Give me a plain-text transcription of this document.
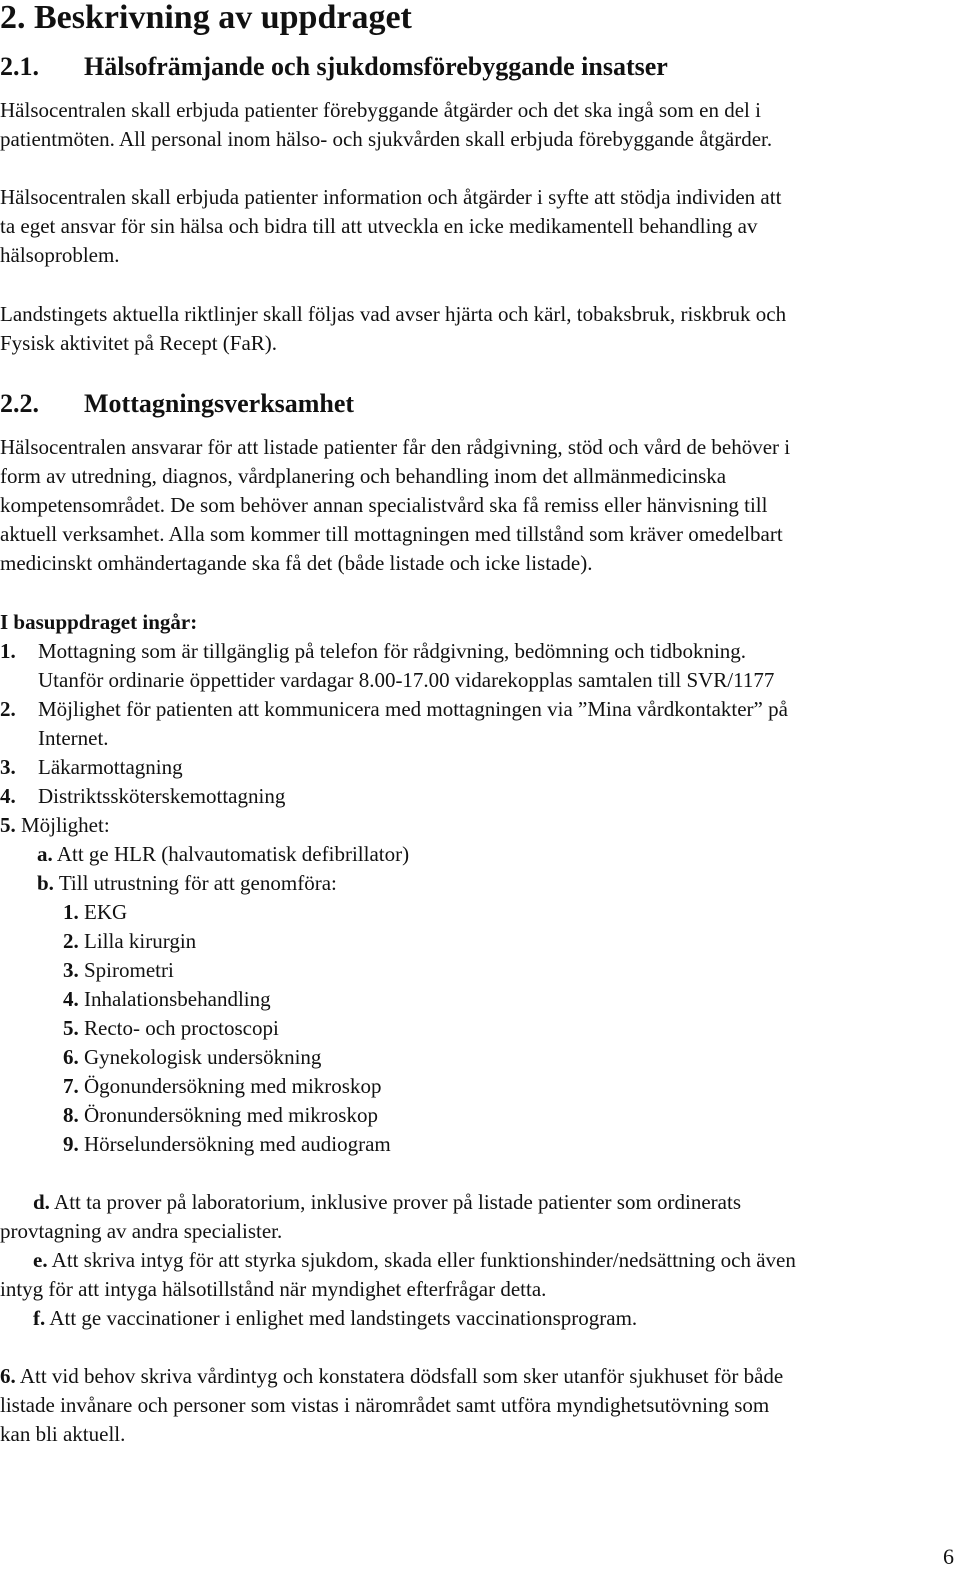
2. Beskrivning av uppdraget
2.1. Hälsofrämjande och sjukdomsförebyggande insatser

Hälsocentralen skall erbjuda patienter förebyggande åtgärder och det ska ingå som en del i
patientmöten. All personal inom hälso- och sjukvården skall erbjuda förebyggande åtgärder.

Hälsocentralen skall erbjuda patienter information och åtgärder i syfte att stödja individen att
ta eget ansvar för sin hälsa och bidra till att utveckla en icke medikamentell behandling av
hälsoproblem.

Landstingets aktuella riktlinjer skall följas vad avser hjärta och kärl, tobaksbruk, riskbruk och
Fysisk aktivitet på Recept (FaR).

2.2. Mottagningsverksamhet

Hälsocentralen ansvarar för att listade patienter får den rådgivning, stöd och vård de behöver i
form av utredning, diagnos, vårdplanering och behandling inom det allmänmedicinska
kompetensområdet. De som behöver annan specialistvård ska få remiss eller hänvisning till
aktuell verksamhet. Alla som kommer till mottagningen med tillstånd som kräver omedelbart
medicinskt omhändertagande ska få det (både listade och icke listade).

I basuppdraget ingår:

1. Mottagning som är tillgänglig på telefon för rådgivning, bedömning och tidbokning.
Utanför ordinarie öppettider vardagar 8.00-17.00 vidarekopplas samtalen till SVR/1177
2. Möjlighet för patienten att kommunicera med mottagningen via ”Mina vårdkontakter” på
Internet.
3. Läkarmottagning
4. Distriktssköterskemottagning
5. Möjlighet:
a. Att ge HLR (halvautomatisk defibrillator)
b. Till utrustning för att genomföra:
1. EKG
2. Lilla kirurgin
3. Spirometri
4. Inhalationsbehandling
5. Recto- och proctoscopi
6. Gynekologisk undersökning
7. Ögonundersökning med mikroskop
8. Öronundersökning med mikroskop
9. Hörselundersökning med audiogram
d. Att ta prover på laboratorium, inklusive prover på listade patienter som ordinerats
provtagning av andra specialister.
e. Att skriva intyg för att styrka sjukdom, skada eller funktionshinder/nedsättning och även
intyg för att intyga hälsotillstånd när myndighet efterfrågar detta.
f. Att ge vaccinationer i enlighet med landstingets vaccinationsprogram.
6. Att vid behov skriva vårdintyg och konstatera dödsfall som sker utanför sjukhuset för både
listade invånare och personer som vistas i närområdet samt utföra myndighetsutövning som
kan bli aktuell.
6
